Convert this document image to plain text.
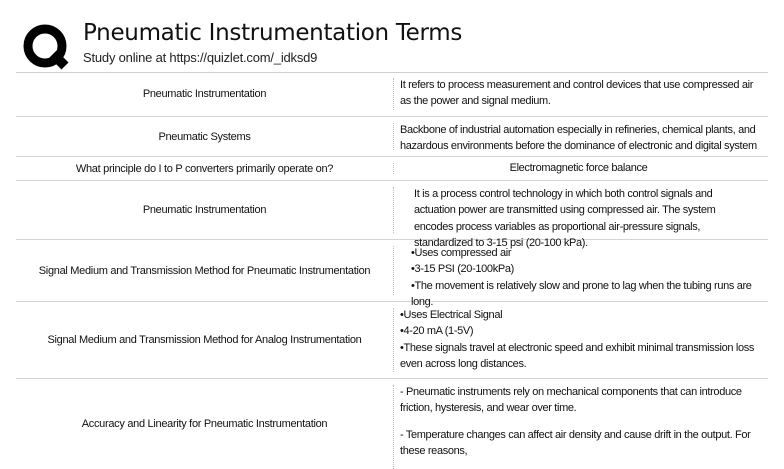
Pneumatic Instrumentation Terms
Study online at https://quizlet.com/_idksd9
Pneumatic Instrumentation

It refers to process measurement and control devices that use compressed air as the power and signal medium.

Pneumatic Systems

Backbone of industrial automation especially in refineries, chemical plants, and hazardous environments before the dominance of electronic and digital system

What principle do I to P converters primarily operate on?	Electromagnetic force balance

Pneumatic Instrumentation

It is a process control technology in which both control signals and actuation power are transmitted using compressed air. The system encodes process variables as proportional air-pressure signals, standardized to 3-15 psi (20-100 kPa).

Signal Medium and Transmission Method for Pneumatic Instrumentation
• Uses compressed air
• 3-15 PSI (20-100kPa)
• The movement is relatively slow and prone to lag when the tubing runs are long.
Signal Medium and Transmission Method for Analog Instrumentation
• Uses Electrical Signal
• 4-20 mA (1-5V)
• These signals travel at electronic speed and exhibit minimal transmission loss even across long distances.
Accuracy and Linearity for Pneumatic Instrumentation

- Pneumatic instruments rely on mechanical components that can introduce friction, hysteresis, and wear over time.

- Temperature changes can affect air density and cause drift in the output. For these reasons,
